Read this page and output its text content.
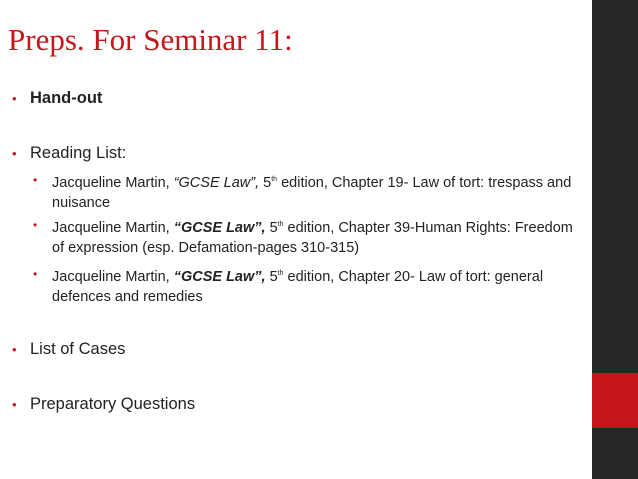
Preps. For Seminar 11:
• Hand-out
• Reading List:
•	Jacqueline Martin, “GCSE Law”, 5th edition, Chapter 19- Law of tort: trespass and nuisance
•	Jacqueline Martin, “GCSE Law”, 5th edition, Chapter 39-Human Rights: Freedom of expression (esp. Defamation-pages 310-315)
•	Jacqueline Martin, “GCSE Law”, 5th edition, Chapter 20- Law of tort: general defences and remedies
• List of Cases
• Preparatory Questions
